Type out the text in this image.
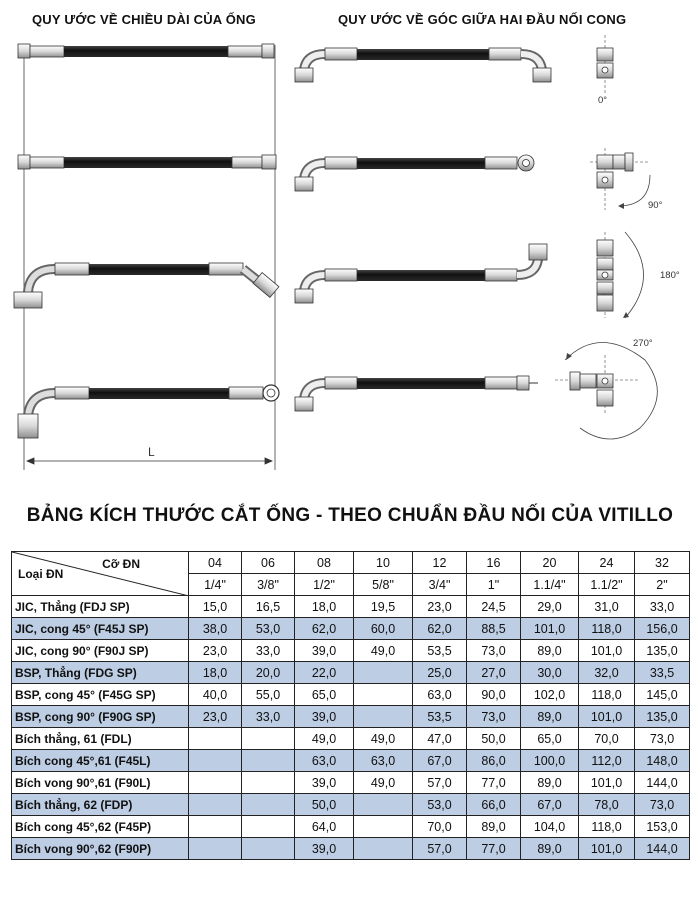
QUY ƯỚC VỀ CHIỀU DÀI CỦA ỐNG	QUY ƯỚC VỀ GÓC GIỮA HAI ĐẦU NỐI CONG
L
90°
180°
270°
0°
BẢNG KÍCH THƯỚC CẮT ỐNG - THEO CHUẨN ĐẦU NỐI CỦA VITILLO
Cỡ ĐN
Loại ĐN	04	06	08	10	12	16	20	24	32
	1/4"	3/8"	1/2"	5/8"	3/4"	1"	1.1/4"	1.1/2"	2"
JIC, Thẳng (FDJ SP)	15,0	16,5	18,0	19,5	23,0	24,5	29,0	31,0	33,0
JIC, cong 45° (F45J SP)	38,0	53,0	62,0	60,0	62,0	88,5	101,0	118,0	156,0
JIC, cong 90° (F90J SP)	23,0	33,0	39,0	49,0	53,5	73,0	89,0	101,0	135,0
BSP, Thẳng (FDG SP)	18,0	20,0	22,0		25,0	27,0	30,0	32,0	33,5
BSP, cong 45° (F45G SP)	40,0	55,0	65,0		63,0	90,0	102,0	118,0	145,0
BSP, cong 90° (F90G SP)	23,0	33,0	39,0		53,5	73,0	89,0	101,0	135,0
Bích thẳng, 61 (FDL)			49,0	49,0	47,0	50,0	65,0	70,0	73,0
Bích cong 45°,61 (F45L)			63,0	63,0	67,0	86,0	100,0	112,0	148,0
Bích vong 90°,61 (F90L)			39,0	49,0	57,0	77,0	89,0	101,0	144,0
Bích thẳng, 62 (FDP)			50,0		53,0	66,0	67,0	78,0	73,0
Bích cong 45°,62 (F45P)			64,0		70,0	89,0	104,0	118,0	153,0
Bích vong 90°,62 (F90P)			39,0		57,0	77,0	89,0	101,0	144,0
